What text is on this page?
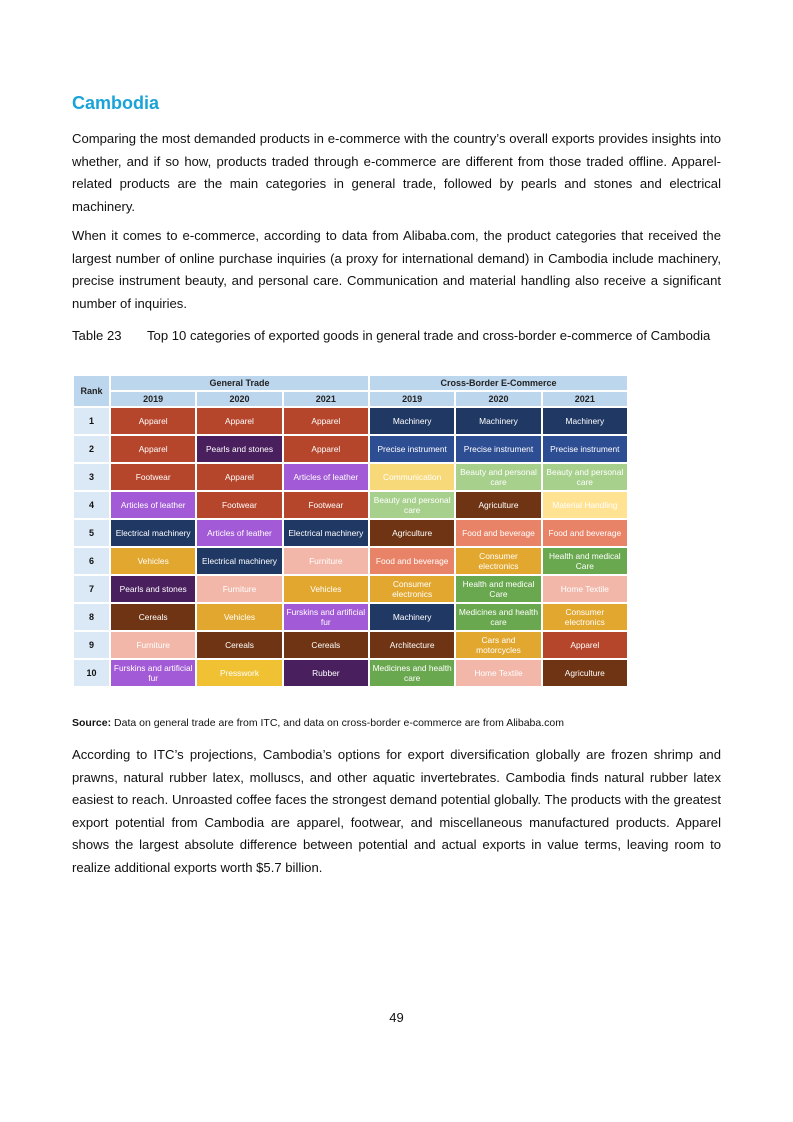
Cambodia

Comparing the most demanded products in e-commerce with the country’s overall exports provides insights into whether, and if so how, products traded through e-commerce are different from those traded offline. Apparel-related products are the main categories in general trade, followed by pearls and stones and electrical machinery.

When it comes to e-commerce, according to data from Alibaba.com, the product categories that received the largest number of online purchase inquiries (a proxy for international demand) in Cambodia include machinery, precise instrument beauty, and personal care. Communication and material handling also receive a significant number of inquiries.

Table 23	Top 10 categories of exported goods in general trade and cross-border e-commerce of Cambodia
Rank	General Trade			Cross-Border E-Commerce		
	2019	2020	2021	2019	2020	2021
1	Apparel	Apparel	Apparel	Machinery	Machinery	Machinery
2	Apparel	Pearls and stones	Apparel	Precise instrument	Precise instrument	Precise instrument
3	Footwear	Apparel	Articles of leather	Communication	Beauty and personal care	Beauty and personal care
4	Articles of leather	Footwear	Footwear	Beauty and personal care	Agriculture	Material Handling
5	Electrical machinery	Articles of leather	Electrical machinery	Agriculture	Food and beverage	Food and beverage
6	Vehicles	Electrical machinery	Furniture	Food and beverage	Consumer electronics	Health and medical Care
7	Pearls and stones	Furniture	Vehicles	Consumer electronics	Health and medical Care	Home Textile
8	Cereals	Vehicles	Furskins and artificial fur	Machinery	Medicines and health care	Consumer electronics
9	Furniture	Cereals	Cereals	Architecture	Cars and motorcycles	Apparel
10	Furskins and artificial fur	Presswork	Rubber	Medicines and health care	Home Textile	Agriculture
Source: Data on general trade are from ITC, and data on cross-border e-commerce are from Alibaba.com

According to ITC’s projections, Cambodia’s options for export diversification globally are frozen shrimp and prawns, natural rubber latex, molluscs, and other aquatic invertebrates. Cambodia finds natural rubber latex easiest to reach. Unroasted coffee faces the strongest demand potential globally. The products with the greatest export potential from Cambodia are apparel, footwear, and miscellaneous manufactured products. Apparel shows the largest absolute difference between potential and actual exports in value terms, leaving room to realize additional exports worth $5.7 billion.

49
